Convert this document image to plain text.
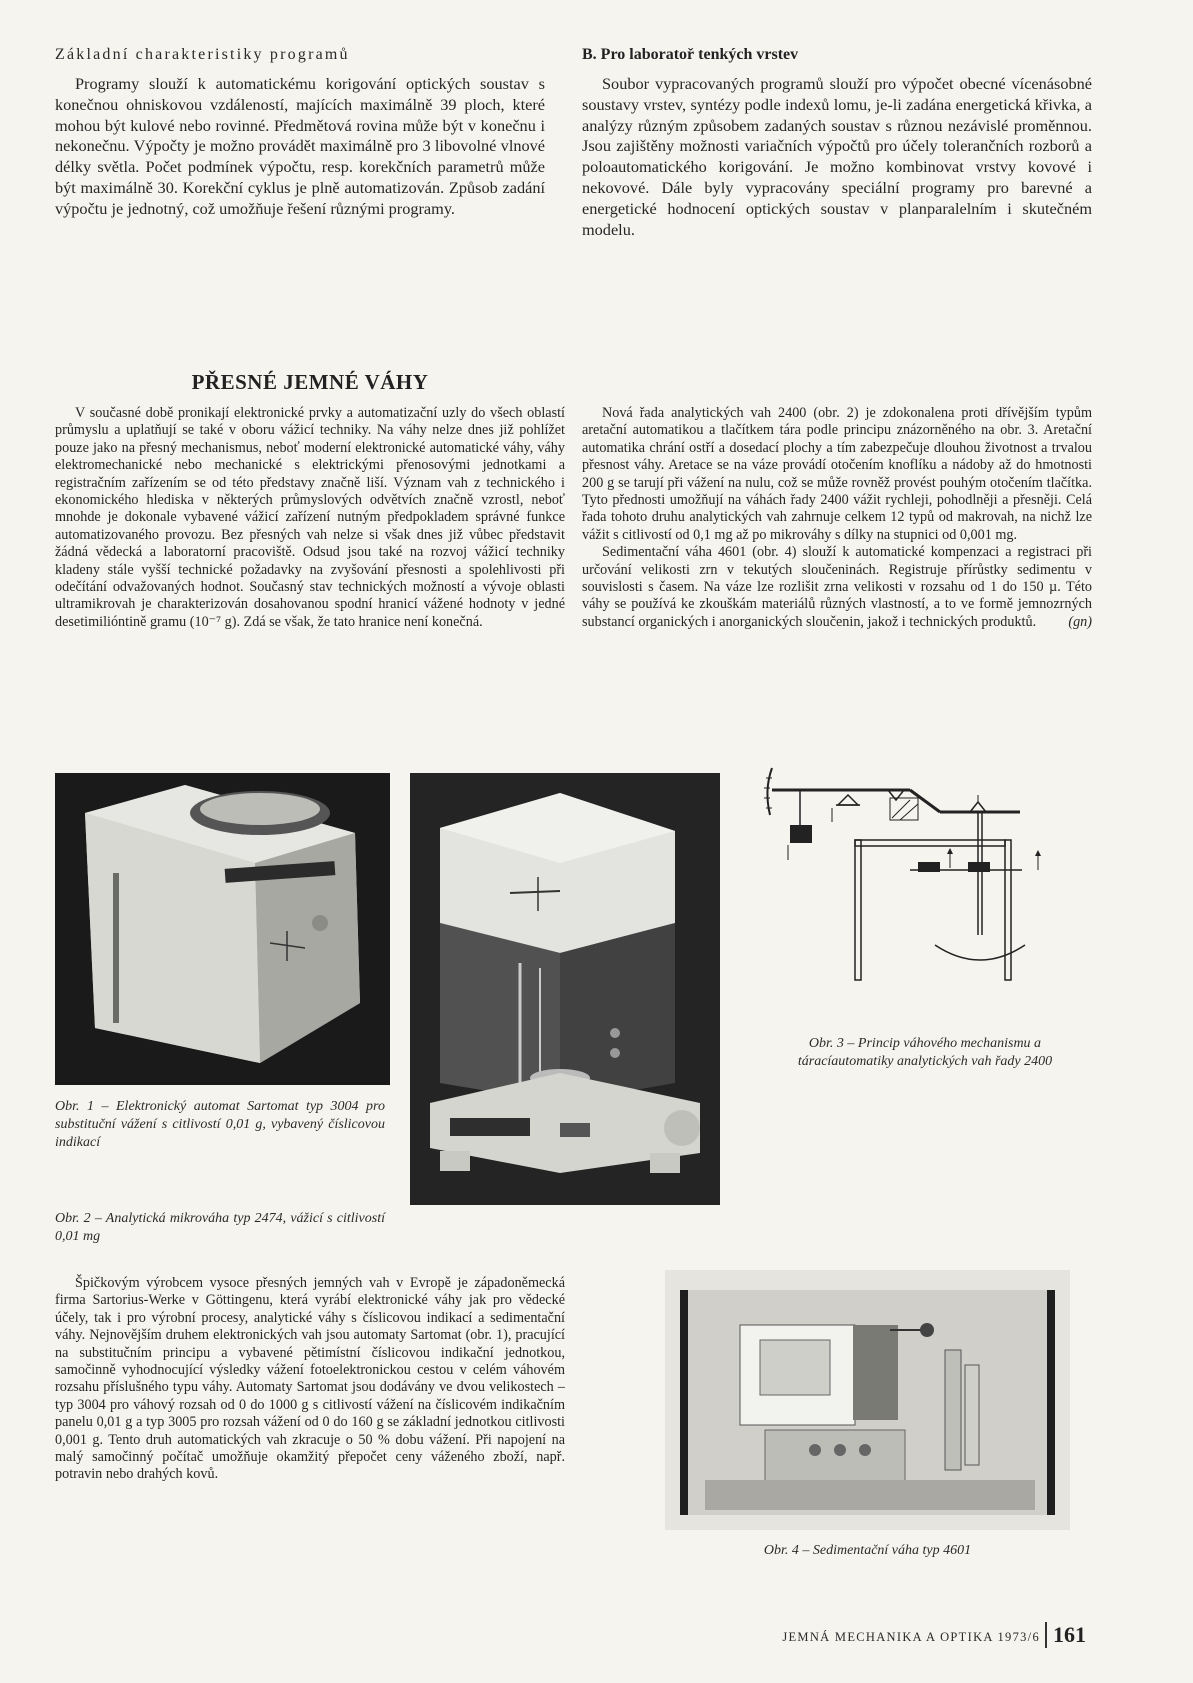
Základní charakteristiky programů

Programy slouží k automatickému korigování optických soustav s konečnou ohniskovou vzdáleností, majících maximálně 39 ploch, které mohou být kulové nebo rovinné. Předmětová rovina může být v konečnu i nekonečnu. Výpočty je možno provádět maximálně pro 3 libovolné vlnové délky světla. Počet podmínek výpočtu, resp. korekčních parametrů může být maximálně 30. Korekční cyklus je plně automatizován. Způsob zadání výpočtu je jednotný, což umožňuje řešení různými programy.

B. Pro laboratoř tenkých vrstev

Soubor vypracovaných programů slouží pro výpočet obecné vícenásobné soustavy vrstev, syntézy podle indexů lomu, je-li zadána energetická křivka, a analýzy různým způsobem zadaných soustav s různou nezávislé proměnnou. Jsou zajištěny možnosti variačních výpočtů pro účely tolerančních rozborů a poloautomatického korigování. Je možno kombinovat vrstvy kovové i nekovové. Dále byly vypracovány speciální programy pro barevné a energetické hodnocení optických soustav v planparalelním i skutečném modelu.

PŘESNÉ JEMNÉ VÁHY

V současné době pronikají elektronické prvky a automatizační uzly do všech oblastí průmyslu a uplatňují se také v oboru vážicí techniky. Na váhy nelze dnes již pohlížet pouze jako na přesný mechanismus, neboť moderní elektronické automatické váhy, váhy elektromechanické nebo mechanické s elektrickými přenosovými jednotkami a registračním zařízením se od této představy značně liší. Význam vah z technického i ekonomického hlediska v některých průmyslových odvětvích značně vzrostl, neboť mnohde je dokonale vybavené vážicí zařízení nutným předpokladem správné funkce automatizovaného provozu. Bez přesných vah nelze si však dnes již vůbec představit žádná vědecká a laboratorní pracoviště. Odsud jsou také na rozvoj vážicí techniky kladeny stále vyšší technické požadavky na zvyšování přesnosti a spolehlivosti při odečítání odvažovaných hodnot. Současný stav technických možností a vývoje oblasti ultramikrovah je charakterizován dosahovanou spodní hranicí vážené hodnoty v jedné desetimilióntině gramu (10⁻⁷ g). Zdá se však, že tato hranice není konečná.

Nová řada analytických vah 2400 (obr. 2) je zdokonalena proti dřívějším typům aretační automatikou a tlačítkem tára podle principu znázorněného na obr. 3. Aretační automatika chrání ostří a dosedací plochy a tím zabezpečuje dlouhou životnost a trvalou přesnost váhy. Aretace se na váze provádí otočením knoflíku a nádoby až do hmotnosti 200 g se tarují při vážení na nulu, což se může rovněž provést pouhým otočením tlačítka. Tyto přednosti umožňují na váhách řady 2400 vážit rychleji, pohodlněji a přesněji. Celá řada tohoto druhu analytických vah zahrnuje celkem 12 typů od makrovah, na nichž lze vážit s citlivostí od 0,1 mg až po mikrováhy s dílky na stupnici od 0,001 mg.

Sedimentační váha 4601 (obr. 4) slouží k automatické kompenzaci a registraci při určování velikosti zrn v tekutých sloučeninách. Registruje přírůstky sedimentu v souvislosti s časem. Na váze lze rozlišit zrna velikosti v rozsahu od 1 do 150 µ. Této váhy se používá ke zkouškám materiálů různých vlastností, a to ve formě jemnozrných substancí organických i anorganických sloučenin, jakož i technických produktů.	(gn)

Obr. 1 – Elektronický automat Sartomat typ 3004 pro substituční vážení s citlivostí 0,01 g, vybavený číslicovou indikací
Obr. 2 – Analytická mikrováha typ 2474, vážicí s citlivostí 0,01 mg
Obr. 3 – Princip váhového mechanismu a táracíautomatiky analytických vah řady 2400

Špičkovým výrobcem vysoce přesných jemných vah v Evropě je západoněmecká firma Sartorius-Werke v Göttingenu, která vyrábí elektronické váhy jak pro vědecké účely, tak i pro výrobní procesy, analytické váhy s číslicovou indikací a sedimentační váhy. Nejnovějším druhem elektronických vah jsou automaty Sartomat (obr. 1), pracující na substitučním principu a vybavené pětimístní číslicovou indikační jednotkou, samočinně vyhodnocující výsledky vážení fotoelektronickou cestou v celém váhovém rozsahu příslušného typu váhy. Automaty Sartomat jsou dodávány ve dvou velikostech – typ 3004 pro váhový rozsah od 0 do 1000 g s citlivostí vážení na číslicovém indikačním panelu 0,01 g a typ 3005 pro rozsah vážení od 0 do 160 g se základní jednotkou citlivosti 0,001 g. Tento druh automatických vah zkracuje o 50 % dobu vážení. Při napojení na malý samočinný počítač umožňuje okamžitý přepočet ceny váženého zboží, např. potravin nebo drahých kovů.

Obr. 4 – Sedimentační váha typ 4601
JEMNÁ MECHANIKA A OPTIKA 1973/6 161
